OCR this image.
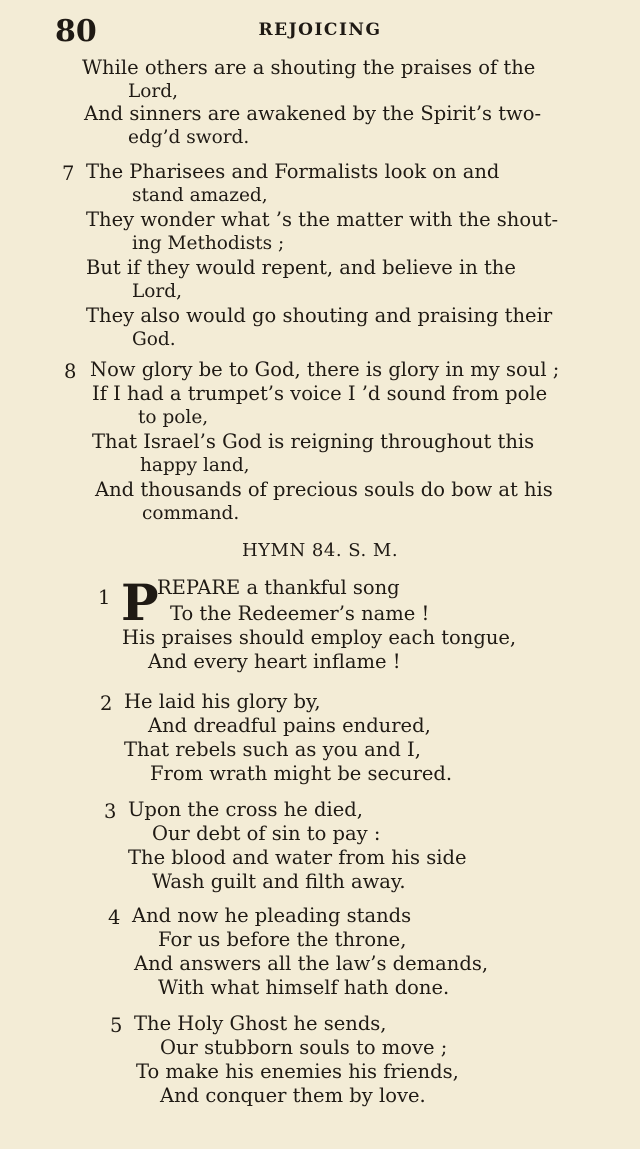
80	REJOICING
While others are a shouting the praises of the
Lord,
And sinners are awakened by the Spirit’s two-
edg’d sword.
7 The Pharisees and Formalists look on and
stand amazed,
They wonder what ’s the matter with the shout-
ing Methodists ;
But if they would repent, and believe in the
Lord,
They also would go shouting and praising their
God.
8 Now glory be to God, there is glory in my soul ;
If I had a trumpet’s voice I ’d sound from pole
to pole,
That Israel’s God is reigning throughout this
happy land,
And thousands of precious souls do bow at his
command.
HYMN 84. S. M.
1 P
REPARE a thankful song
To the Redeemer’s name !
His praises should employ each tongue,
And every heart inflame !
2 He laid his glory by,
And dreadful pains endured,
That rebels such as you and I,
From wrath might be secured.
3 Upon the cross he died,
Our debt of sin to pay :
The blood and water from his side
Wash guilt and filth away.
4 And now he pleading stands
For us before the throne,
And answers all the law’s demands,
With what himself hath done.
5 The Holy Ghost he sends,
Our stubborn souls to move ;
To make his enemies his friends,
And conquer them by love.
